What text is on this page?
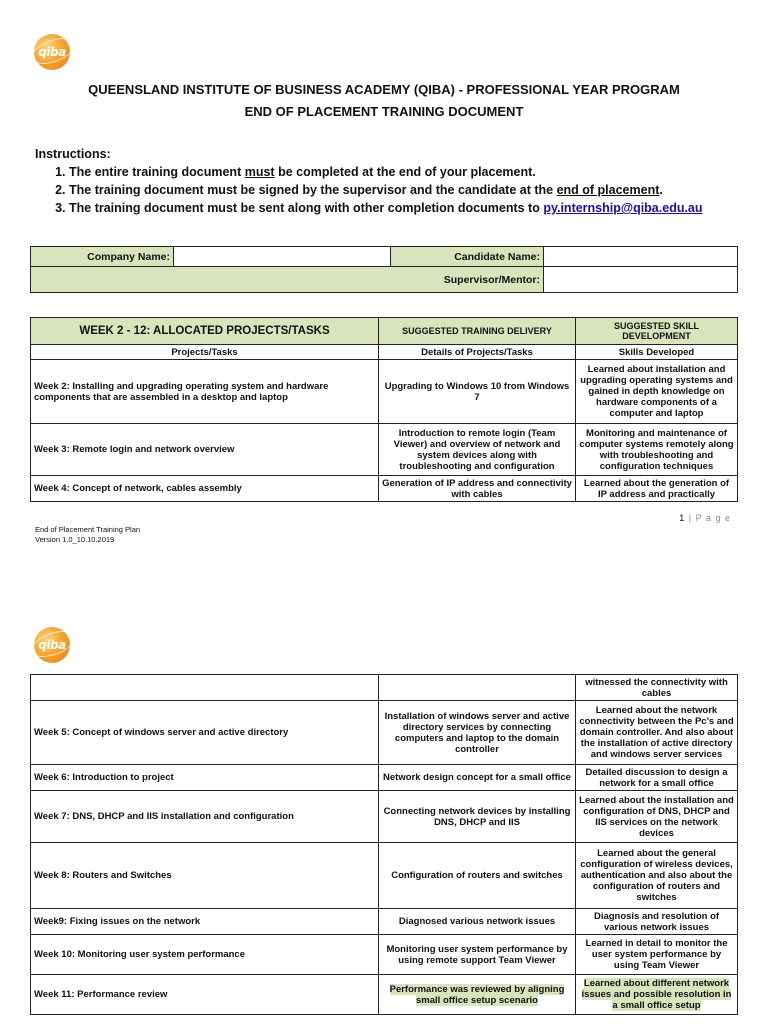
qiba
QUEENSLAND INSTITUTE OF BUSINESS ACADEMY (QIBA) - PROFESSIONAL YEAR PROGRAM
END OF PLACEMENT TRAINING DOCUMENT
Instructions:
1. The entire training document must be completed at the end of your placement.
2. The training document must be signed by the supervisor and the candidate at the end of placement.
3. The training document must be sent along with other completion documents to py.internship@qiba.edu.au
Company Name:		Candidate Name:	
Supervisor/Mentor:			
WEEK 2 - 12: ALLOCATED PROJECTS/TASKS	SUGGESTED TRAINING DELIVERY	SUGGESTED SKILL DEVELOPMENT
Projects/Tasks	Details of Projects/Tasks	Skills Developed
Week 2: Installing and upgrading operating system and hardware components that are assembled in a desktop and laptop	Upgrading to Windows 10 from Windows 7	Learned about installation and upgrading operating systems and gained in depth knowledge on hardware components of a computer and laptop
Week 3: Remote login and network overview	Introduction to remote login (Team Viewer) and overview of network and system devices along with troubleshooting and configuration	Monitoring and maintenance of computer systems remotely along with troubleshooting and configuration techniques
Week 4: Concept of network, cables assembly	Generation of IP address and connectivity with cables	Learned about the generation of IP address and practically
End of Placement Training Plan
Version 1.0_10.10.2019
1 | P a g e
qiba
		witnessed the connectivity with cables
Week 5: Concept of windows server and active directory	Installation of windows server and active directory services by connecting computers and laptop to the domain controller	Learned about the network connectivity between the Pc’s and domain controller. And also about the installation of active directory and windows server services
Week 6: Introduction to project	Network design concept for a small office	Detailed discussion to design a network for a small office
Week 7: DNS, DHCP and IIS installation and configuration	Connecting network devices by installing DNS, DHCP and IIS	Learned about the installation and configuration of DNS, DHCP and IIS services on the network devices
Week 8: Routers and Switches	Configuration of routers and switches	Learned about the general configuration of wireless devices, authentication and also about the configuration of routers and switches
Week9: Fixing issues on the network	Diagnosed various network issues	Diagnosis and resolution of various network issues
Week 10: Monitoring user system performance	Monitoring user system performance by using remote support Team Viewer	Learned in detail to monitor the user system performance by using Team Viewer
Week 11: Performance review	Performance was reviewed by aligning small office setup scenario	Learned about different network issues and possible resolution in a small office setup
